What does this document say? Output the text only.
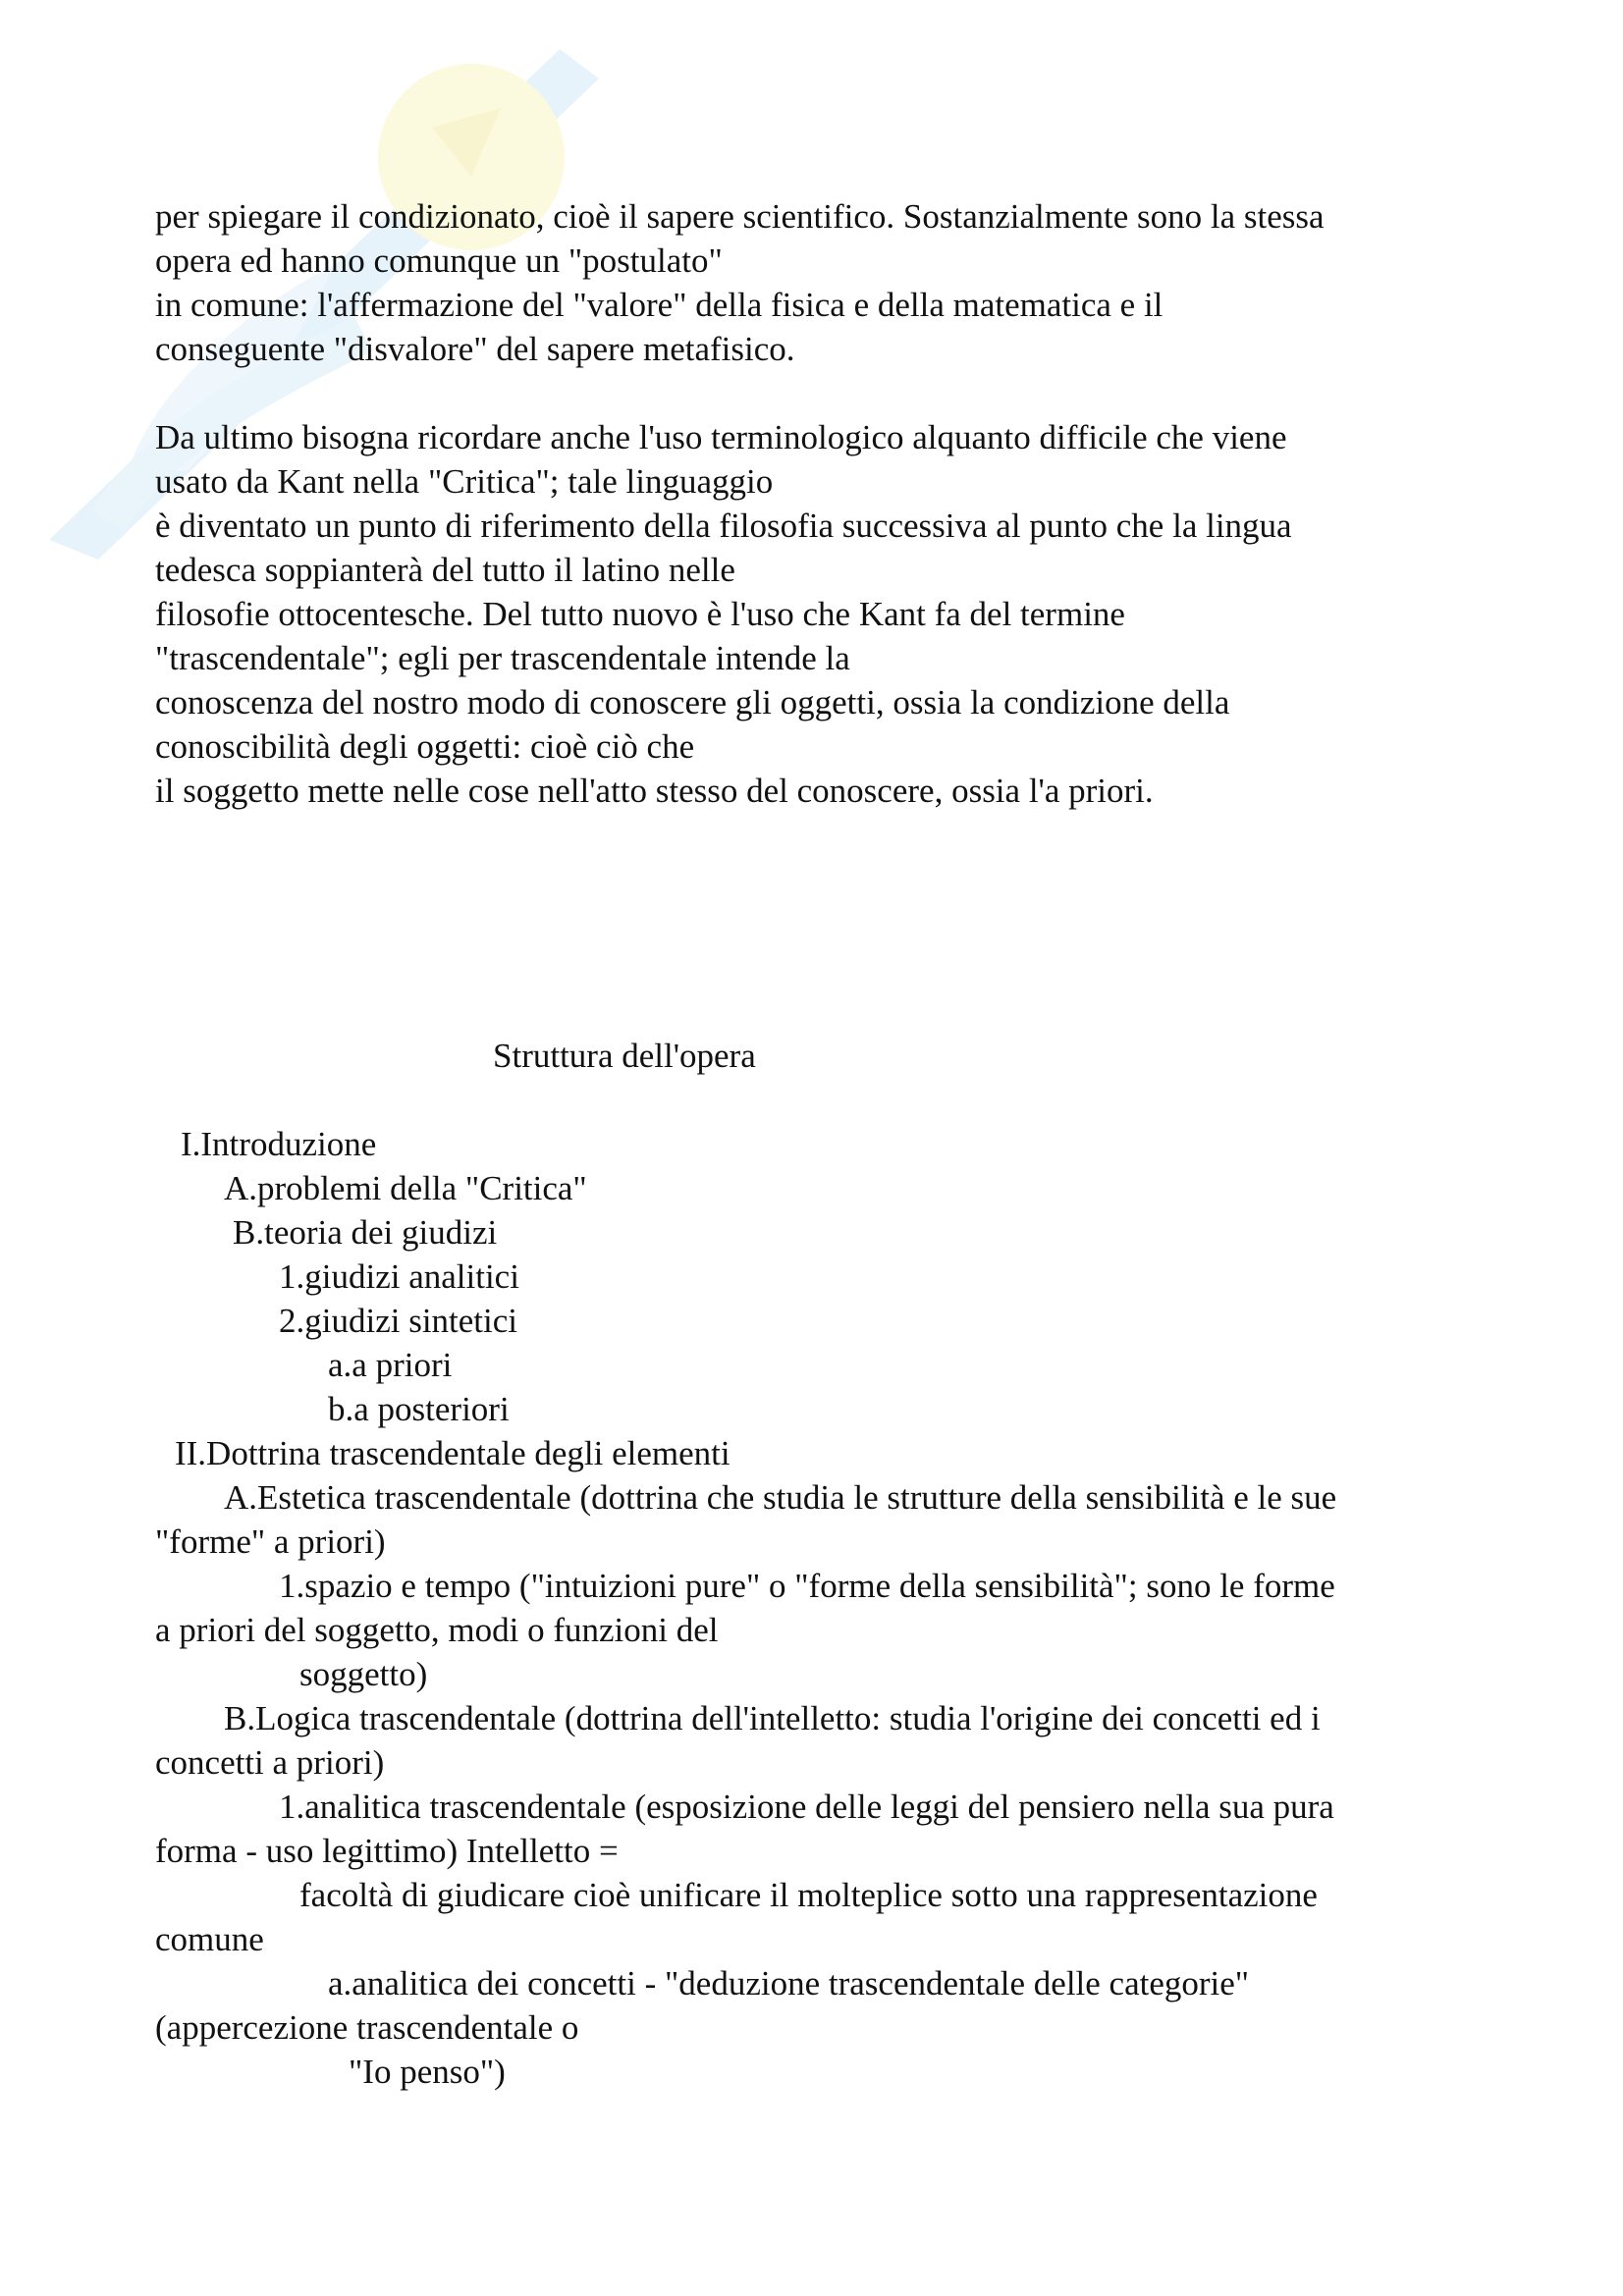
per spiegare il condizionato, cioè il sapere scientifico. Sostanzialmente sono la stessa
opera ed hanno comunque un "postulato"
in comune: l'affermazione del "valore" della fisica e della matematica e il
conseguente "disvalore" del sapere metafisico.
Da ultimo bisogna ricordare anche l'uso terminologico alquanto difficile che viene
usato da Kant nella "Critica"; tale linguaggio
è diventato un punto di riferimento della filosofia successiva al punto che la lingua
tedesca soppianterà del tutto il latino nelle
filosofie ottocentesche. Del tutto nuovo è l'uso che Kant fa del termine
"trascendentale"; egli per trascendentale intende la
conoscenza del nostro modo di conoscere gli oggetti, ossia la condizione della
conoscibilità degli oggetti: cioè ciò che
il soggetto mette nelle cose nell'atto stesso del conoscere, ossia l'a priori.
Struttura dell'opera
I.Introduzione
A.problemi della "Critica"
B.teoria dei giudizi
1.giudizi analitici
2.giudizi sintetici
a.a priori
b.a posteriori
II.Dottrina trascendentale degli elementi
A.Estetica trascendentale (dottrina che studia le strutture della sensibilità e le sue
"forme" a priori)
1.spazio e tempo ("intuizioni pure" o "forme della sensibilità"; sono le forme
a priori del soggetto, modi o funzioni del
soggetto)
B.Logica trascendentale (dottrina dell'intelletto: studia l'origine dei concetti ed i
concetti a priori)
1.analitica trascendentale (esposizione delle leggi del pensiero nella sua pura
forma - uso legittimo) Intelletto =
facoltà di giudicare cioè unificare il molteplice sotto una rappresentazione
comune
a.analitica dei concetti - "deduzione trascendentale delle categorie"
(appercezione trascendentale o
"Io penso")
